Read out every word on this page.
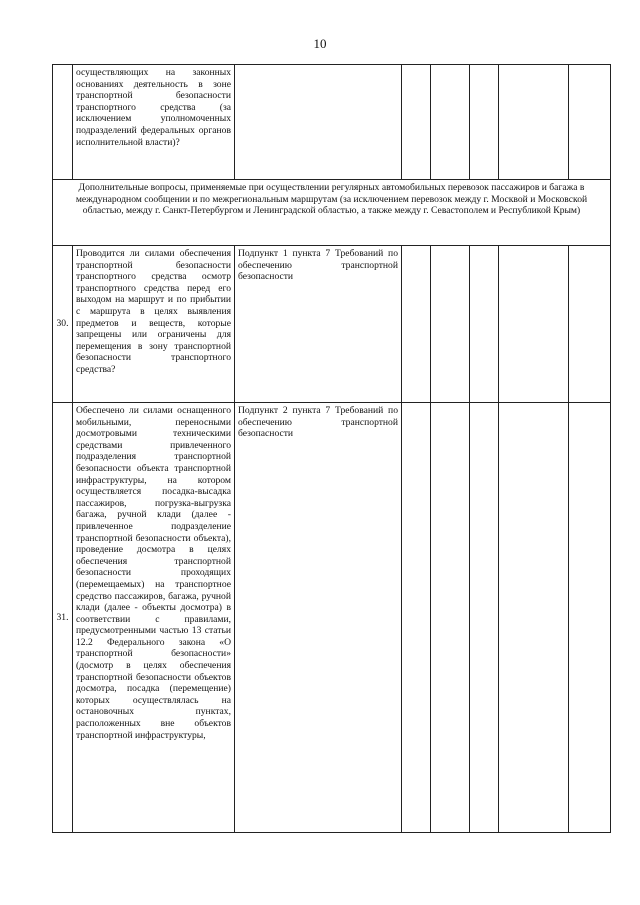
10
	осуществляющих на законных основаниях деятельность в зоне транспортной безопасности транспортного средства (за исключением уполномоченных подразделений федеральных органов исполнительной власти)?						
Дополнительные вопросы, применяемые при осуществлении регулярных автомобильных перевозок пассажиров и багажа в международном сообщении и по межрегиональным маршрутам (за исключением перевозок между г. Москвой и Московской областью, между г. Санкт-Петербургом и Ленинградской областью, а также между г. Севастополем и Республикой Крым)							
30.	Проводится ли силами обеспечения транспортной безопасности транспортного средства осмотр транспортного средства перед его выходом на маршрут и по прибытии с маршрута в целях выявления предметов и веществ, которые запрещены или ограничены для перемещения в зону транспортной безопасности транспортного средства?	Подпункт 1 пункта 7 Требований по обеспечению транспортной безопасности					
31.	Обеспечено ли силами оснащенного мобильными, переносными досмотровыми техническими средствами привлеченного подразделения транспортной безопасности объекта транспортной инфраструктуры, на котором осуществляется посадка-высадка пассажиров, погрузка-выгрузка багажа, ручной клади (далее - привлеченное подразделение транспортной безопасности объекта), проведение досмотра в целях обеспечения транспортной безопасности проходящих (перемещаемых) на транспортное средство пассажиров, багажа, ручной клади (далее - объекты досмотра) в соответствии с правилами, предусмотренными частью 13 статьи 12.2 Федерального закона «О транспортной безопасности» (досмотр в целях обеспечения транспортной безопасности объектов досмотра, посадка (перемещение) которых осуществлялась на остановочных пунктах, расположенных вне объектов транспортной инфраструктуры,	Подпункт 2 пункта 7 Требований по обеспечению транспортной безопасности					
